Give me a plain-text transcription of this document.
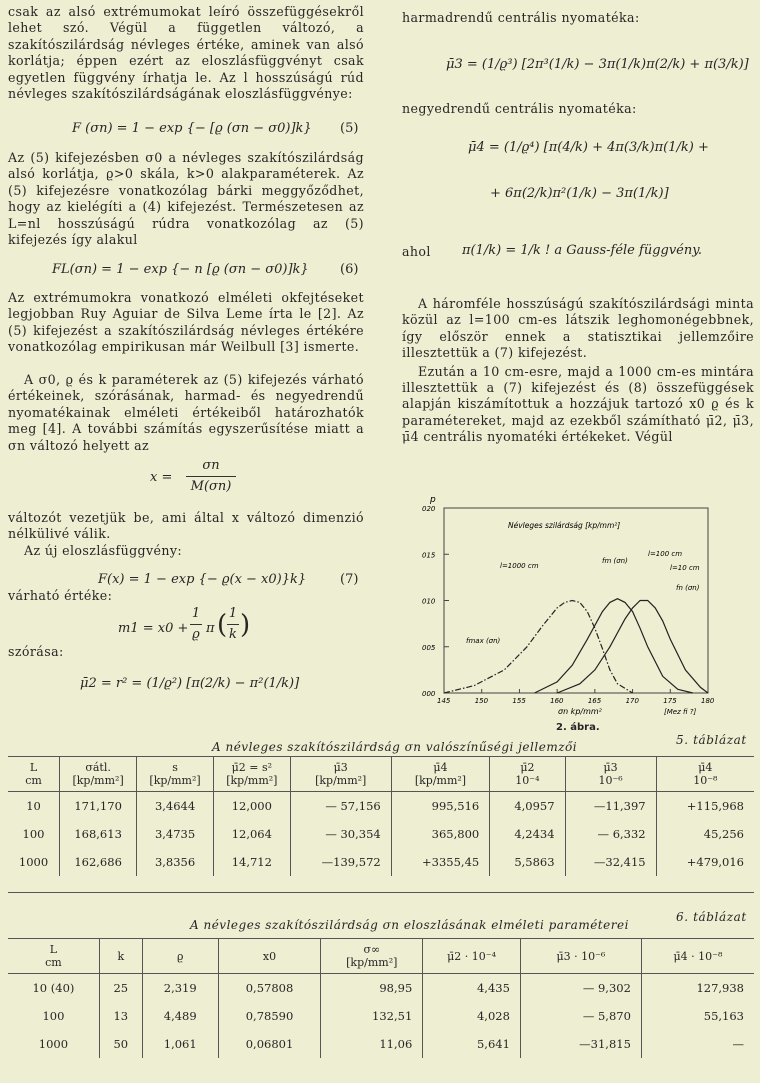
csak az alsó extrémumokat leíró összefüggésekről lehet szó. Végül a független változó, a szakítószilárdság névleges értéke, aminek van alsó korlátja; éppen ezért az eloszlásfüggvényt csak egyetlen függvény írhatja le. Az l hosszúságú rúd névleges szakítószilárdságának eloszlásfüggvénye:
F (σn) = 1 − exp {− [ϱ (σn − σ0)]k} (5)
Az (5) kifejezésben σ0 a névleges szakítószilárdság alsó korlátja, ϱ>0 skála, k>0 alakparaméterek. Az (5) kifejezésre vonatkozólag bárki meggyőződhet, hogy az kielégíti a (4) kifejezést. Természetesen az L=nl hosszúságú rúdra vonatkozólag az (5) kifejezés így alakul
FL(σn) = 1 − exp {− n [ϱ (σn − σ0)]k} (6)
Az extrémumokra vonatkozó elméleti okfejtéseket legjobban Ruy Aguiar de Silva Leme írta le [2]. Az (5) kifejezést a szakítószilárdság névleges értékére vonatkozólag empirikusan már Weilbull [3] ismerte.
A σ0, ϱ és k paraméterek az (5) kifejezés várható értékeinek, szórásának, harmad- és negyedrendű nyomatékainak elméleti értékeiből határozhatók meg [4]. A további számítás egyszerűsítése miatt a σn változó helyett az
x =
σn
M(σn)
változót vezetjük be, ami által x változó dimenzió nélkülivé válik.
Az új eloszlásfüggvény:
F(x) = 1 − exp {− ϱ(x − x0)}k}	(7)
várható értéke:
m1 = x0 +
1
ϱ π ( 1
k )
szórása:
μ̄2 = r² = (1/ϱ²) [π(2/k) − π²(1/k)]
harmadrendű centrális nyomatéka:
μ̄3 = (1/ϱ³) [2π³(1/k) − 3π(1/k)π(2/k) + π(3/k)]
negyedrendű centrális nyomatéka:
μ̄4 = (1/ϱ⁴) [π(4/k) + 4π(3/k)π(1/k) +
+ 6π(2/k)π²(1/k) − 3π(1/k)]
ahol π(1/k) = 1/k ! a Gauss-féle függvény.
A háromféle hosszúságú szakítószilárdsági minta közül az l=100 cm-es látszik leghomonégebbnek, így először ennek a statisztikai jellemzőire illesztettük a (7) kifejezést.
Ezután a 10 cm-esre, majd a 1000 cm-es mintára illesztettük a (7) kifejezést és (8) összefüggések alapján kiszámítottuk a hozzájuk tartozó x0 ϱ és k paramétereket, majd az ezekből számítható μ̄2, μ̄3, μ̄4 centrális nyomatéki értékeket. Végül
p
Névleges szilárdság [kp/mm²]
020
015
010
005
000
145	150	155	160	165	170	175	180
l=1000 cm
fmax (σn)
fm (σn)
l=100 cm
l=10 cm
fn (σn)
σn kp/mm²	[Mez fi ?]
2. ábra.
5. táblázat
A névleges szakítószilárdság σn valószínűségi jellemzői
L
cm	σátl.
[kp/mm²]	s
[kp/mm²]	μ̄2 = s²
[kp/mm²]	μ̄3
[kp/mm²]	μ̄4
[kp/mm²]	μ̄2
10⁻⁴	μ̄3
10⁻⁶	μ̄4
10⁻⁸
10	171,170	3,4644	12,000	— 57,156	995,516	4,0957	—11,397	+115,968
100	168,613	3,4735	12,064	— 30,354	365,800	4,2434	— 6,332	45,256
1000	162,686	3,8356	14,712	—139,572	+3355,45	5,5863	—32,415	+479,016
6. táblázat
A névleges szakítószilárdság σn eloszlásának elméleti paraméterei
L
cm	k	ϱ	x0	σ∞
[kp/mm²]	μ̄2 · 10⁻⁴	μ̄3 · 10⁻⁶	μ̄4 · 10⁻⁸
10 (40)	25	2,319	0,57808	98,95	4,435	— 9,302	127,938
100	13	4,489	0,78590	132,51	4,028	— 5,870	55,163
1000	50	1,061	0,06801	11,06	5,641	—31,815	—
